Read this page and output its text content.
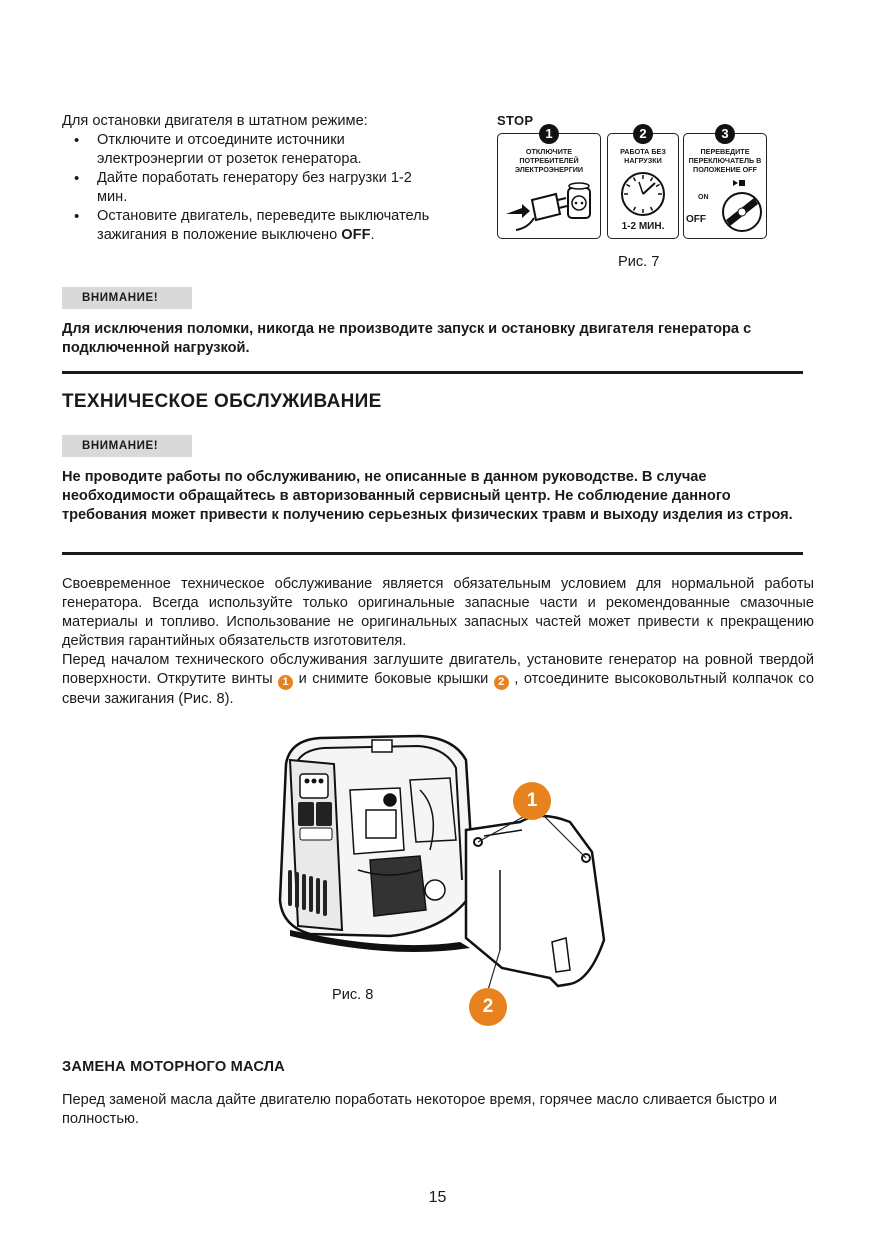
Для остановки двигателя в штатном режиме:
• Отключите и отсоедините источники электроэнергии от розеток генератора.
• Дайте поработать генератору без нагрузки 1-2 мин.
• Остановите двигатель, переведите выключатель зажигания в положение выключено OFF.
STOP
1
ОТКЛЮЧИТЕ ПОТРЕБИТЕЛЕЙ ЭЛЕКТРОЭНЕРГИИ
2
РАБОТА БЕЗ НАГРУЗКИ
1-2 МИН.
3
ПЕРЕВЕДИТЕ ПЕРЕКЛЮЧАТЕЛЬ В ПОЛОЖЕНИЕ OFF
ON
OFF
Рис. 7
ВНИМАНИЕ!
Для исключения поломки, никогда не производите запуск и остановку двигателя генератора с подключенной нагрузкой.
ТЕХНИЧЕСКОЕ ОБСЛУЖИВАНИЕ
ВНИМАНИЕ!
Не проводите работы по обслуживанию, не описанные в данном руководстве. В случае необходимости обращайтесь в авторизованный сервисный центр. Не соблюдение данного требования может привести к получению серьезных физических травм и выходу изделия из строя.
Своевременное техническое обслуживание является обязательным условием для нормальной работы генератора. Всегда используйте только оригинальные запасные части и рекомендованные смазочные материалы и топливо. Использование не оригинальных запасных частей может привести к прекращению действия гарантийных обязательств изготовителя.
Перед началом технического обслуживания заглушите двигатель, установите генератор на ровной твердой поверхности. Открутите винты 1 и снимите боковые крышки 2 , отсоедините высоковольтный колпачок со свечи зажигания (Рис. 8).
1
2
Рис. 8
ЗАМЕНА МОТОРНОГО МАСЛА
Перед заменой масла дайте двигателю поработать некоторое время, горячее масло сливается быстро и полностью.
15
